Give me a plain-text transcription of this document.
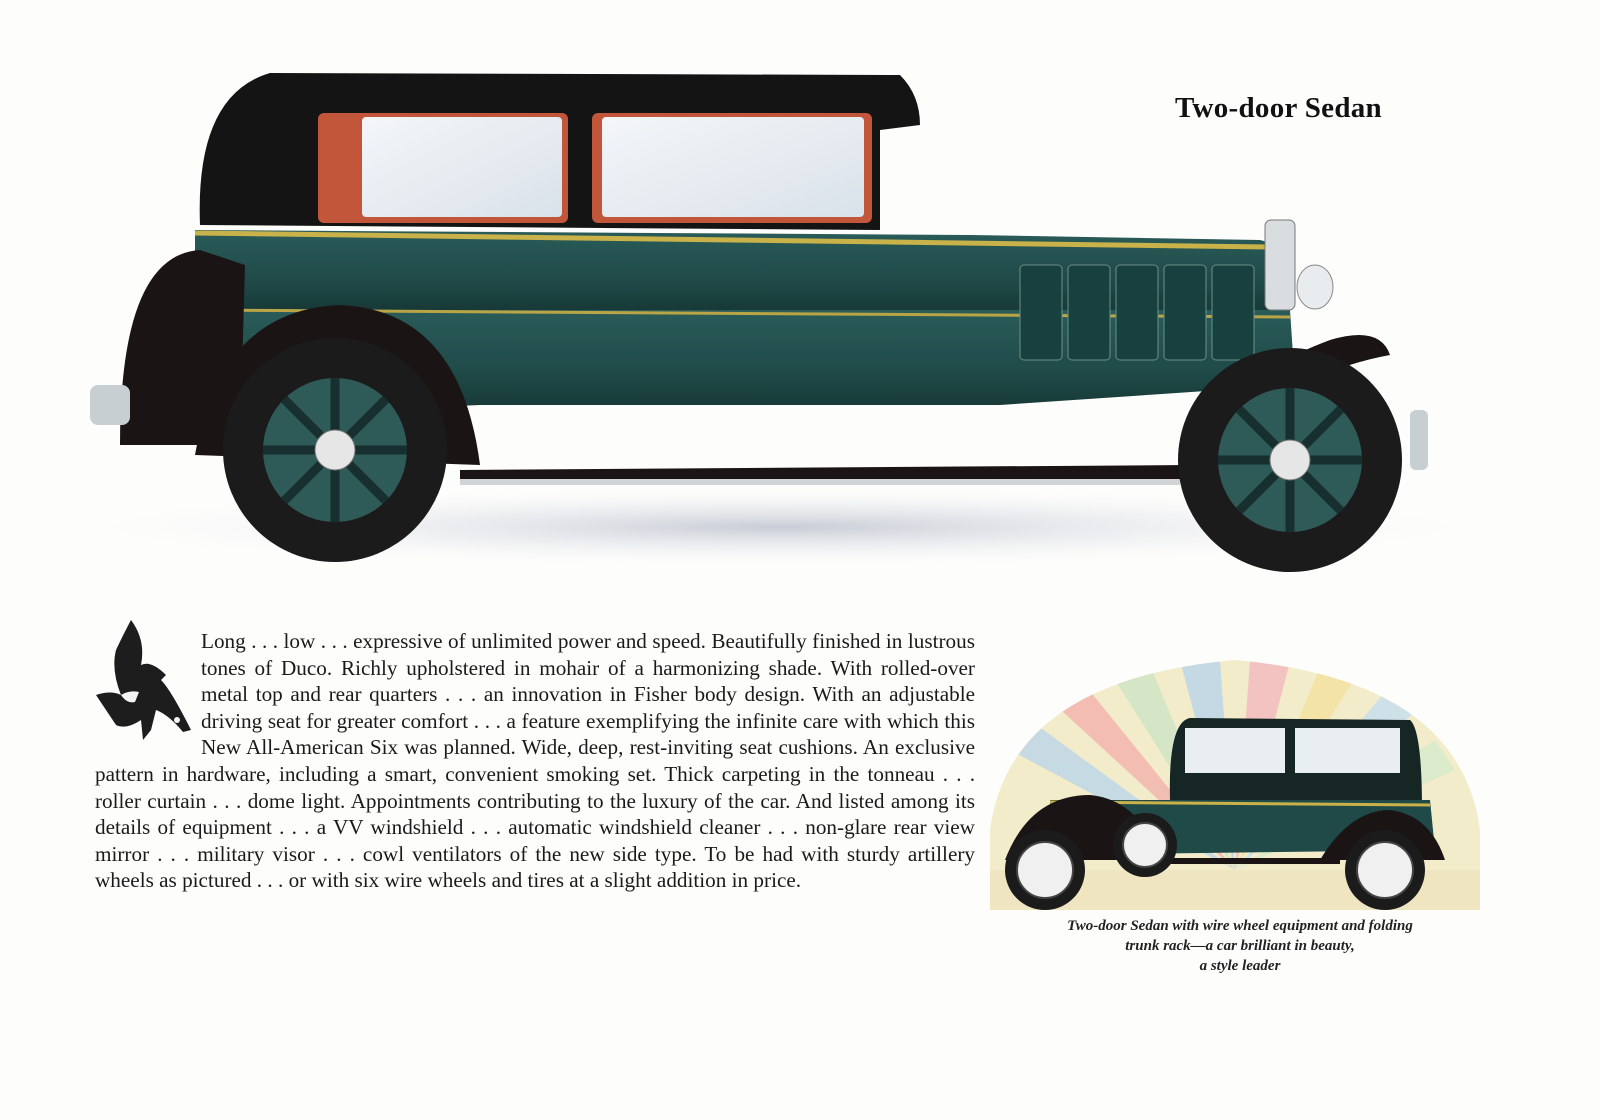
Two-door Sedan
Long . . . low . . . expressive of unlimited power and speed. Beautifully finished in lustrous tones of Duco. Richly upholstered in mohair of a harmonizing shade. With rolled-over metal top and rear quarters . . . an innovation in Fisher body design. With an adjustable driving seat for greater comfort . . . a feature exemplifying the infinite care with which this New All-American Six was planned. Wide, deep, rest-inviting seat cushions. An exclusive pattern in hardware, including a smart, convenient smoking set. Thick carpeting in the tonneau . . . roller curtain . . . dome light. Appointments contributing to the luxury of the car. And listed among its details of equipment . . . a VV windshield . . . automatic windshield cleaner . . . non-glare rear view mirror . . . military visor . . . cowl ventilators of the new side type. To be had with sturdy artillery wheels as pictured . . . or with six wire wheels and tires at a slight addition in price.
Two-door Sedan with wire wheel equipment and folding
trunk rack—a car brilliant in beauty,
a style leader
